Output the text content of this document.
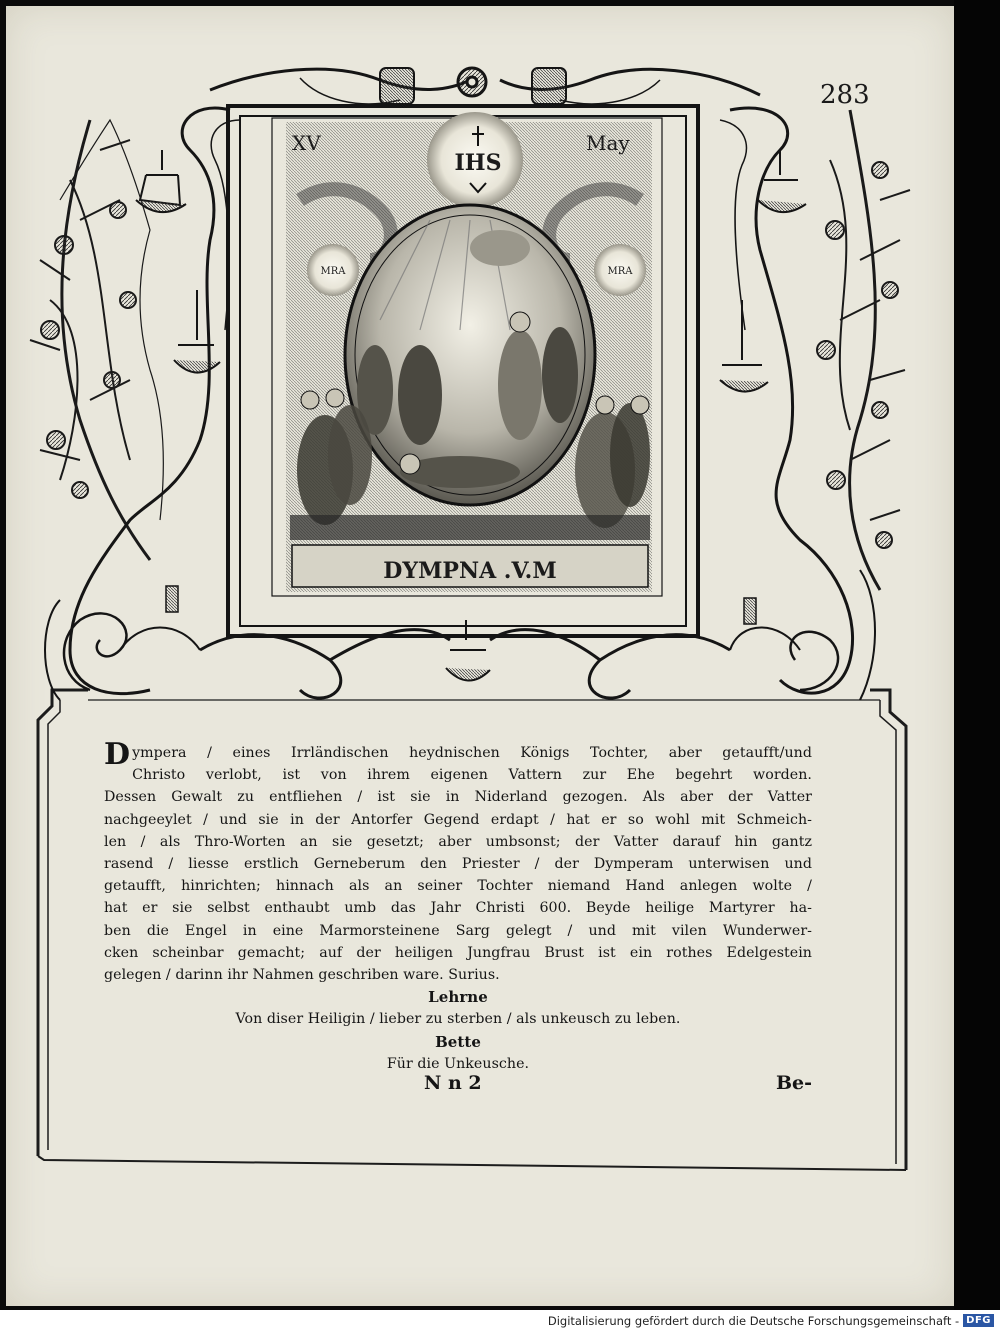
XV	May
IHS
MRA	MRA
DYMPNA .V.M
283
D ympera / eines Irrländischen heydnischen Königs Tochter, aber getaufft/und
Christo verlobt, ist von ihrem eigenen Vattern zur Ehe begehrt worden.
Dessen Gewalt zu entfliehen / ist sie in Niderland gezogen. Als aber der Vatter
nachgeeylet / und sie in der Antorfer Gegend erdapt / hat er so wohl mit Schmeich-
len / als Thro-Worten an sie gesetzt; aber umbsonst; der Vatter darauf hin gantz
rasend / liesse erstlich Gerneberum den Priester / der Dymperam unterwisen und
getaufft, hinrichten; hinnach als an seiner Tochter niemand Hand anlegen wolte /
hat er sie selbst enthaubt umb das Jahr Christi 600. Beyde heilige Martyrer ha-
ben die Engel in eine Marmorsteinene Sarg gelegt / und mit vilen Wunderwer-
cken scheinbar gemacht; auf der heiligen Jungfrau Brust ist ein rothes Edelgestein
gelegen / darinn ihr Nahmen geschriben ware. Surius.
Lehrne
Von diser Heiligin / lieber zu sterben / als unkeusch zu leben.
Bette
Für die Unkeusche.
N n 2	Be-
Digitalisierung gefördert durch die Deutsche Forschungsgemeinschaft - DFG
